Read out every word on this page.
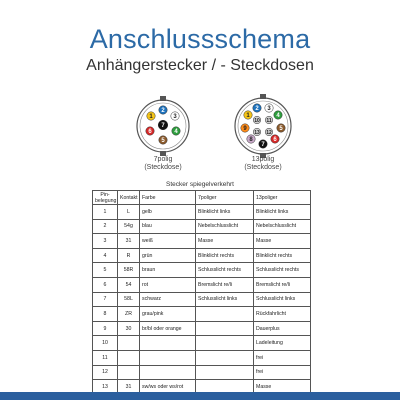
Anschlussschema
Anhängerstecker / - Steckdosen
1
2
3
4
5
6
7
1
2 3
4
5
6
7
8
9
10 11
12
13
7polig
(Steckdose)
13polig
(Steckdose)
Stecker spiegelverkehrt
Pin-belegung	Kontakt	Farbe	7poliger	13poliger
1	L	gelb	Blinklicht links	Blinklicht links
2	54g	blau	Nebelschlusslicht	Nebelschlusslicht
3	31	weiß	Masse	Masse
4	R	grün	Blinklicht rechts	Blinklicht rechts
5	58R	braun	Schlusslicht rechts	Schlusslicht rechts
6	54	rot	Bremslicht re/li	Bremslicht re/li
7	58L	schwarz	Schlusslicht links	Schlusslicht links
8	ZR	grau/pink		Rückfahrlicht
9	30	br/bl oder orange		Dauerplus
10				Ladeleitung
11				frei
12				frei
13	31	sw/ws oder ws/rot		Masse
